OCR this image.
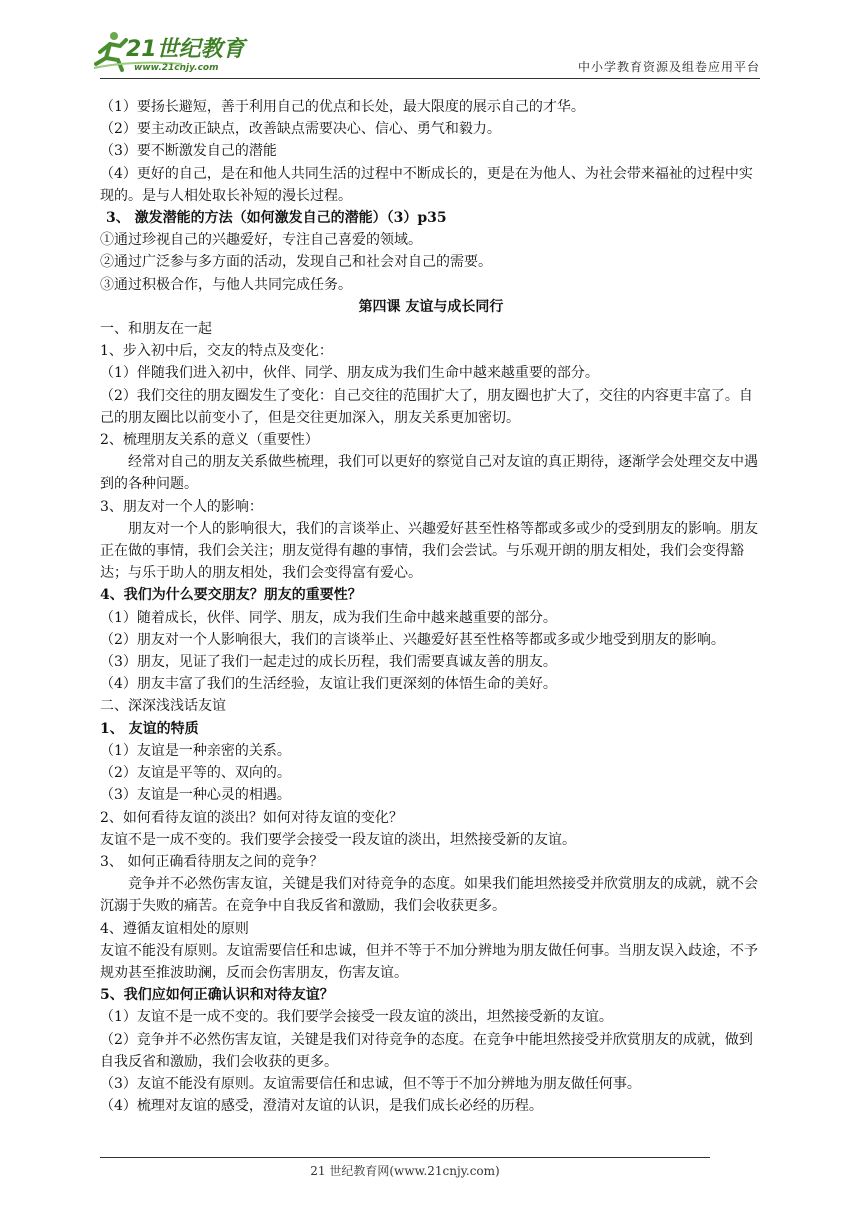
21世纪教育
www.21cnjy.com	中小学教育资源及组卷应用平台

（1）要扬长避短，善于利用自己的优点和长处，最大限度的展示自己的才华。

（2）要主动改正缺点，改善缺点需要决心、信心、勇气和毅力。

（3）要不断激发自己的潜能

（4）更好的自己，是在和他人共同生活的过程中不断成长的，更是在为他人、为社会带来福祉的过程中实现的。是与人相处取长补短的漫长过程。

3、 激发潜能的方法（如何激发自己的潜能）（3）p35

①通过珍视自己的兴趣爱好，专注自己喜爱的领域。

②通过广泛参与多方面的活动，发现自己和社会对自己的需要。

③通过积极合作，与他人共同完成任务。

第四课 友谊与成长同行

一、和朋友在一起

1、步入初中后，交友的特点及变化：

（1）伴随我们进入初中，伙伴、同学、朋友成为我们生命中越来越重要的部分。

（2）我们交往的朋友圈发生了变化：自己交往的范围扩大了，朋友圈也扩大了，交往的内容更丰富了。自己的朋友圈比以前变小了，但是交往更加深入，朋友关系更加密切。

2、梳理朋友关系的意义（重要性）

经常对自己的朋友关系做些梳理，我们可以更好的察觉自己对友谊的真正期待，逐渐学会处理交友中遇到的各种问题。

3、朋友对一个人的影响：

朋友对一个人的影响很大，我们的言谈举止、兴趣爱好甚至性格等都或多或少的受到朋友的影响。朋友正在做的事情，我们会关注；朋友觉得有趣的事情，我们会尝试。与乐观开朗的朋友相处，我们会变得豁达；与乐于助人的朋友相处，我们会变得富有爱心。

4、我们为什么要交朋友？朋友的重要性？

（1）随着成长，伙伴、同学、朋友，成为我们生命中越来越重要的部分。

（2）朋友对一个人影响很大，我们的言谈举止、兴趣爱好甚至性格等都或多或少地受到朋友的影响。

（3）朋友，见证了我们一起走过的成长历程，我们需要真诚友善的朋友。

（4）朋友丰富了我们的生活经验，友谊让我们更深刻的体悟生命的美好。

二、深深浅浅话友谊

1、 友谊的特质

（1）友谊是一种亲密的关系。

（2）友谊是平等的、双向的。

（3）友谊是一种心灵的相遇。

2、如何看待友谊的淡出？如何对待友谊的变化？

友谊不是一成不变的。我们要学会接受一段友谊的淡出，坦然接受新的友谊。

3、 如何正确看待朋友之间的竞争？

竞争并不必然伤害友谊，关键是我们对待竞争的态度。如果我们能坦然接受并欣赏朋友的成就，就不会沉溺于失败的痛苦。在竞争中自我反省和激励，我们会收获更多。

4、遵循友谊相处的原则

友谊不能没有原则。友谊需要信任和忠诚，但并不等于不加分辨地为朋友做任何事。当朋友误入歧途，不予规劝甚至推波助澜，反而会伤害朋友，伤害友谊。

5、我们应如何正确认识和对待友谊？

（1）友谊不是一成不变的。我们要学会接受一段友谊的淡出，坦然接受新的友谊。

（2）竞争并不必然伤害友谊，关键是我们对待竞争的态度。在竞争中能坦然接受并欣赏朋友的成就，做到自我反省和激励，我们会收获的更多。

（3）友谊不能没有原则。友谊需要信任和忠诚，但不等于不加分辨地为朋友做任何事。

（4）梳理对友谊的感受，澄清对友谊的认识，是我们成长必经的历程。

21 世纪教育网(www.21cnjy.com)
